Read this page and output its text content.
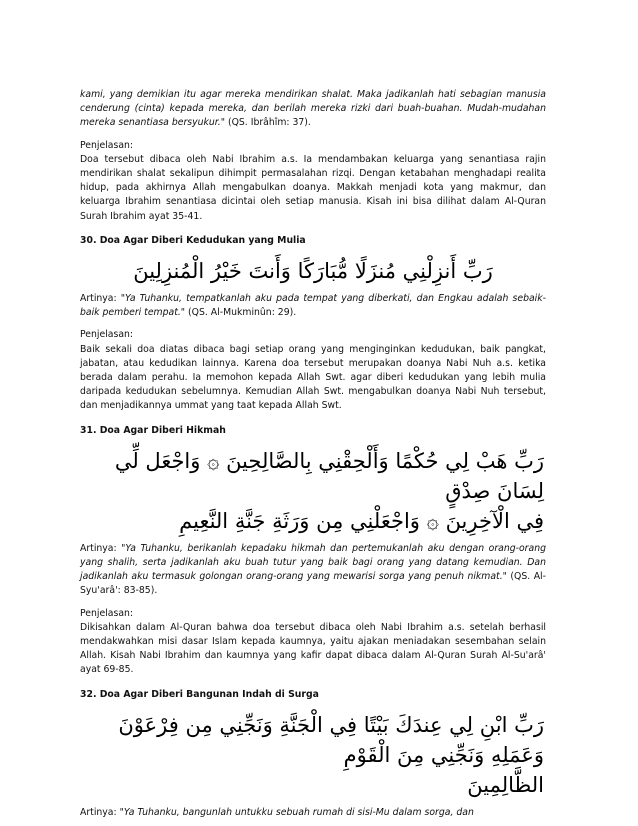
kami, yang demikian itu agar mereka mendirikan shalat. Maka jadikanlah hati sebagian manusia cenderung (cinta) kepada mereka, dan berilah mereka rizki dari buah-buahan. Mudah-mudahan mereka senantiasa bersyukur." (QS. Ibrâhîm: 37).

Penjelasan:

Doa tersebut dibaca oleh Nabi Ibrahim a.s. Ia mendambakan keluarga yang senantiasa rajin mendirikan shalat sekalipun dihimpit permasalahan rizqi. Dengan ketabahan menghadapi realita hidup, pada akhirnya Allah mengabulkan doanya. Makkah menjadi kota yang makmur, dan keluarga Ibrahim senantiasa dicintai oleh setiap manusia. Kisah ini bisa dilihat dalam Al-Quran Surah Ibrahim ayat 35-41.

30. Doa Agar Diberi Kedudukan yang Mulia

رَبِّ أَنزِلْنِي مُنزَلًا مُّبَارَكًا وَأَنتَ خَيْرُ الْمُنزِلِينَ

Artinya: "Ya Tuhanku, tempatkanlah aku pada tempat yang diberkati, dan Engkau adalah sebaik-baik pemberi tempat." (QS. Al-Mukminûn: 29).

Penjelasan:

Baik sekali doa diatas dibaca bagi setiap orang yang menginginkan kedudukan, baik pangkat, jabatan, atau kedudikan lainnya. Karena doa tersebut merupakan doanya Nabi Nuh a.s. ketika berada dalam perahu. Ia memohon kepada Allah Swt. agar diberi kedudukan yang lebih mulia daripada kedudukan sebelumnya. Kemudian Allah Swt. mengabulkan doanya Nabi Nuh tersebut, dan menjadikannya ummat yang taat kepada Allah Swt.

31. Doa Agar Diberi Hikmah

رَبِّ هَبْ لِي حُكْمًا وَأَلْحِقْنِي بِالصَّالِحِينَ ۞ وَاجْعَل لِّي لِسَانَ صِدْقٍ
فِي الْآخِرِينَ ۞ وَاجْعَلْنِي مِن وَرَثَةِ جَنَّةِ النَّعِيمِ

Artinya: "Ya Tuhanku, berikanlah kepadaku hikmah dan pertemukanlah aku dengan orang-orang yang shalih, serta jadikanlah aku buah tutur yang baik bagi orang yang datang kemudian. Dan jadikanlah aku termasuk golongan orang-orang yang mewarisi sorga yang penuh nikmat." (QS. Al-Syu'arâ': 83-85).

Penjelasan:

Dikisahkan dalam Al-Quran bahwa doa tersebut dibaca oleh Nabi Ibrahim a.s. setelah berhasil mendakwahkan misi dasar Islam kepada kaumnya, yaitu ajakan meniadakan sesembahan selain Allah. Kisah Nabi Ibrahim dan kaumnya yang kafir dapat dibaca dalam Al-Quran Surah Al-Su'arâ' ayat 69-85.

32. Doa Agar Diberi Bangunan Indah di Surga

رَبِّ ابْنِ لِي عِندَكَ بَيْتًا فِي الْجَنَّةِ وَنَجِّنِي مِن فِرْعَوْنَ وَعَمَلِهِ وَنَجِّنِي مِنَ الْقَوْمِ
الظَّالِمِينَ

Artinya: "Ya Tuhanku, bangunlah untukku sebuah rumah di sisi-Mu dalam sorga, dan
